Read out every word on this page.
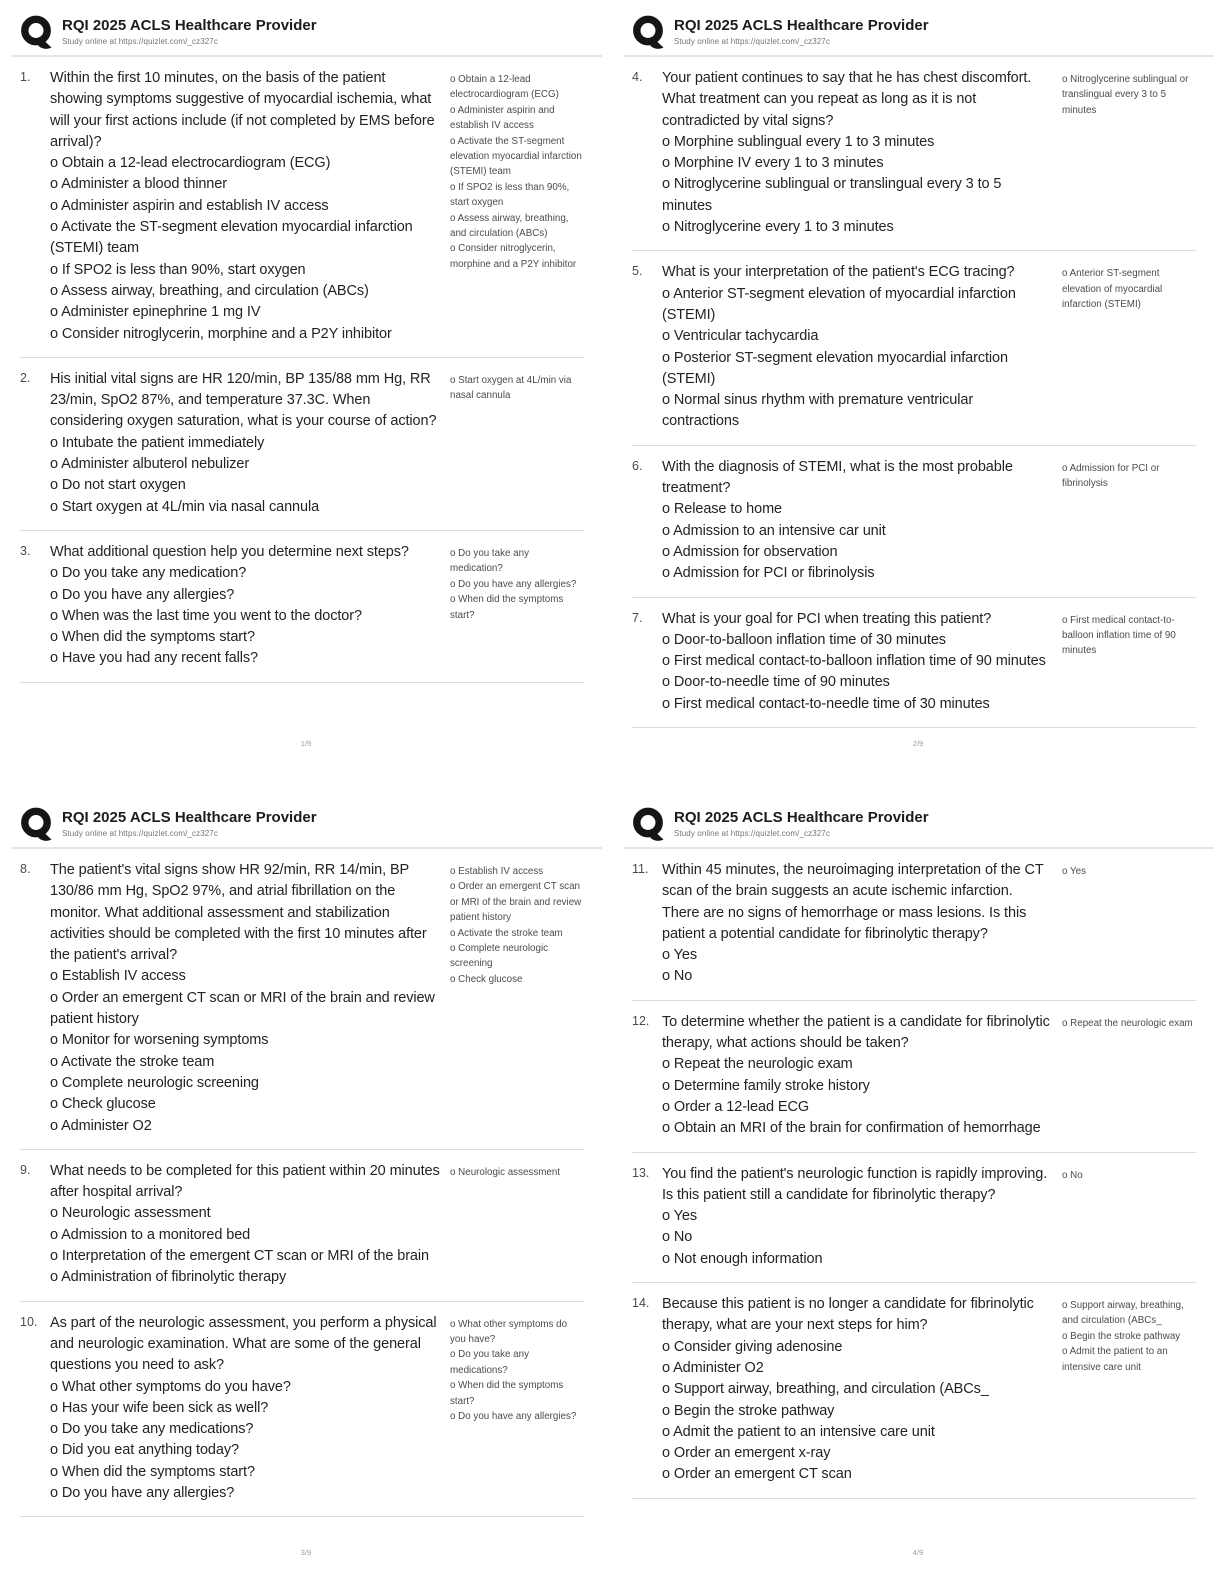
RQI 2025 ACLS Healthcare Provider
Study online at https://quizlet.com/_cz327c
1.	Within the first 10 minutes, on the basis of the patient showing symptoms suggestive of myocardial ischemia, what will your first actions include (if not completed by EMS before arrival)?
o Obtain a 12-lead electrocardiogram (ECG)
o Administer a blood thinner
o Administer aspirin and establish IV access
o Activate the ST-segment elevation myocardial infarction (STEMI) team
o If SPO2 is less than 90%, start oxygen
o Assess airway, breathing, and circulation (ABCs)
o Administer epinephrine 1 mg IV
o Consider nitroglycerin, morphine and a P2Y inhibitor
o Obtain a 12-lead electrocardiogram (ECG)
o Administer aspirin and establish IV access
o Activate the ST-segment elevation myocardial infarction (STEMI) team
o If SPO2 is less than 90%, start oxygen
o Assess airway, breathing, and circulation (ABCs)
o Consider nitroglycerin, morphine and a P2Y inhibitor
2.	His initial vital signs are HR 120/min, BP 135/88 mm Hg, RR 23/min, SpO2 87%, and temperature 37.3C. When considering oxygen saturation, what is your course of action?
o Intubate the patient immediately
o Administer albuterol nebulizer
o Do not start oxygen
o Start oxygen at 4L/min via nasal cannula
o Start oxygen at 4L/min via nasal cannula
3.	What additional question help you determine next steps?
o Do you take any medication?
o Do you have any allergies?
o When was the last time you went to the doctor?
o When did the symptoms start?
o Have you had any recent falls?
o Do you take any medication?
o Do you have any allergies?
o When did the symptoms start?
1/9
RQI 2025 ACLS Healthcare Provider
Study online at https://quizlet.com/_cz327c
4.	Your patient continues to say that he has chest discomfort. What treatment can you repeat as long as it is not contradicted by vital signs?
o Morphine sublingual every 1 to 3 minutes
o Morphine IV every 1 to 3 minutes
o Nitroglycerine sublingual or translingual every 3 to 5 minutes
o Nitroglycerine every 1 to 3 minutes
o Nitroglycerine sublingual or translingual every 3 to 5 minutes
5.	What is your interpretation of the patient's ECG tracing?
o Anterior ST-segment elevation of myocardial infarction (STEMI)
o Ventricular tachycardia
o Posterior ST-segment elevation myocardial infarction (STEMI)
o Normal sinus rhythm with premature ventricular contractions
o Anterior ST-segment elevation of myocardial infarction (STEMI)
6.	With the diagnosis of STEMI, what is the most probable treatment?
o Release to home
o Admission to an intensive car unit
o Admission for observation
o Admission for PCI or fibrinolysis
o Admission for PCI or fibrinolysis
7.	What is your goal for PCI when treating this patient?
o Door-to-balloon inflation time of 30 minutes
o First medical contact-to-balloon inflation time of 90 minutes
o Door-to-needle time of 90 minutes
o First medical contact-to-needle time of 30 minutes
o First medical contact-to-balloon inflation time of 90 minutes
2/9
RQI 2025 ACLS Healthcare Provider
Study online at https://quizlet.com/_cz327c
8.	The patient's vital signs show HR 92/min, RR 14/min, BP 130/86 mm Hg, SpO2 97%, and atrial fibrillation on the monitor. What additional assessment and stabilization activities should be completed with the first 10 minutes after the patient's arrival?
o Establish IV access
o Order an emergent CT scan or MRI of the brain and review patient history
o Monitor for worsening symptoms
o Activate the stroke team
o Complete neurologic screening
o Check glucose
o Administer O2
o Establish IV access
o Order an emergent CT scan or MRI of the brain and review patient history
o Activate the stroke team
o Complete neurologic screening
o Check glucose
9.	What needs to be completed for this patient within 20 minutes after hospital arrival?
o Neurologic assessment
o Admission to a monitored bed
o Interpretation of the emergent CT scan or MRI of the brain
o Administration of fibrinolytic therapy
o Neurologic assessment
10. As part of the neurologic assessment, you perform a physical and neurologic examination. What are some of the general questions you need to ask?
o What other symptoms do you have?
o Has your wife been sick as well?
o Do you take any medications?
o Did you eat anything today?
o When did the symptoms start?
o Do you have any allergies?
o What other symptoms do you have?
o Do you take any medications?
o When did the symptoms start?
o Do you have any allergies?
3/9
RQI 2025 ACLS Healthcare Provider
Study online at https://quizlet.com/_cz327c
11. Within 45 minutes, the neuroimaging interpretation of the CT scan of the brain suggests an acute ischemic infarction. There are no signs of hemorrhage or mass lesions. Is this patient a potential candidate for fibrinolytic therapy?
o Yes
o No
o Yes
12. To determine whether the patient is a candidate for fibrinolytic therapy, what actions should be taken?
o Repeat the neurologic exam
o Determine family stroke history
o Order a 12-lead ECG
o Obtain an MRI of the brain for confirmation of hemorrhage
o Repeat the neurologic exam
13. You find the patient's neurologic function is rapidly improving. Is this patient still a candidate for fibrinolytic therapy?
o Yes
o No
o Not enough information
o No
14. Because this patient is no longer a candidate for fibrinolytic therapy, what are your next steps for him?
o Consider giving adenosine
o Administer O2
o Support airway, breathing, and circulation (ABCs_
o Begin the stroke pathway
o Admit the patient to an intensive care unit
o Order an emergent x-ray
o Order an emergent CT scan
o Support airway, breathing, and circulation (ABCs_
o Begin the stroke pathway
o Admit the patient to an intensive care unit
4/9
